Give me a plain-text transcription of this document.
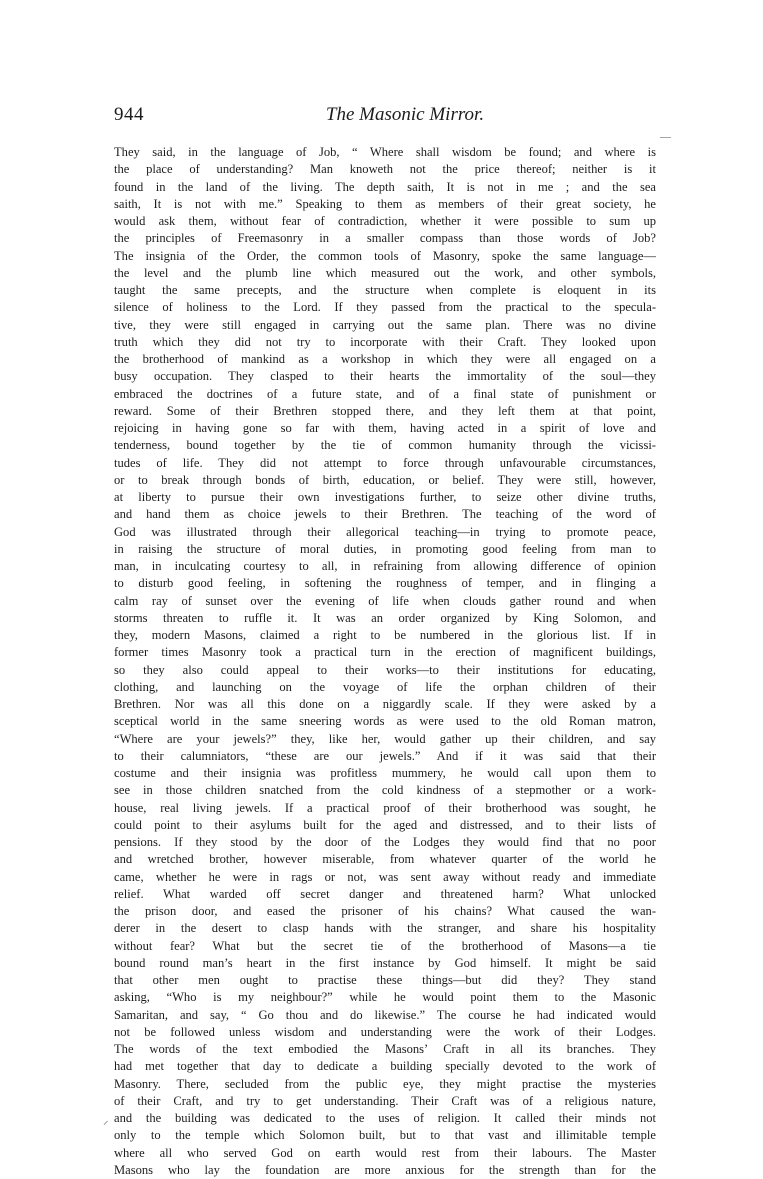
944	The Masonic Mirror.
They said, in the language of Job, “ Where shall wisdom be found; and where is
the place of understanding? Man knoweth not the price thereof; neither is it
found in the land of the living. The depth saith, It is not in me ; and the sea
saith, It is not with me.” Speaking to them as members of their great society, he
would ask them, without fear of contradiction, whether it were possible to sum up
the principles of Freemasonry in a smaller compass than those words of Job?
The insignia of the Order, the common tools of Masonry, spoke the same language—
the level and the plumb line which measured out the work, and other symbols,
taught the same precepts, and the structure when complete is eloquent in its
silence of holiness to the Lord. If they passed from the practical to the specula-
tive, they were still engaged in carrying out the same plan. There was no divine
truth which they did not try to incorporate with their Craft. They looked upon
the brotherhood of mankind as a workshop in which they were all engaged on a
busy occupation. They clasped to their hearts the immortality of the soul—they
embraced the doctrines of a future state, and of a final state of punishment or
reward. Some of their Brethren stopped there, and they left them at that point,
rejoicing in having gone so far with them, having acted in a spirit of love and
tenderness, bound together by the tie of common humanity through the vicissi-
tudes of life. They did not attempt to force through unfavourable circumstances,
or to break through bonds of birth, education, or belief. They were still, however,
at liberty to pursue their own investigations further, to seize other divine truths,
and hand them as choice jewels to their Brethren. The teaching of the word of
God was illustrated through their allegorical teaching—in trying to promote peace,
in raising the structure of moral duties, in promoting good feeling from man to
man, in inculcating courtesy to all, in refraining from allowing difference of opinion
to disturb good feeling, in softening the roughness of temper, and in flinging a
calm ray of sunset over the evening of life when clouds gather round and when
storms threaten to ruffle it. It was an order organized by King Solomon, and
they, modern Masons, claimed a right to be numbered in the glorious list. If in
former times Masonry took a practical turn in the erection of magnificent buildings,
so they also could appeal to their works—to their institutions for educating,
clothing, and launching on the voyage of life the orphan children of their
Brethren. Nor was all this done on a niggardly scale. If they were asked by a
sceptical world in the same sneering words as were used to the old Roman matron,
“Where are your jewels?” they, like her, would gather up their children, and say
to their calumniators, “these are our jewels.” And if it was said that their
costume and their insignia was profitless mummery, he would call upon them to
see in those children snatched from the cold kindness of a stepmother or a work-
house, real living jewels. If a practical proof of their brotherhood was sought, he
could point to their asylums built for the aged and distressed, and to their lists of
pensions. If they stood by the door of the Lodges they would find that no poor
and wretched brother, however miserable, from whatever quarter of the world he
came, whether he were in rags or not, was sent away without ready and immediate
relief. What warded off secret danger and threatened harm? What unlocked
the prison door, and eased the prisoner of his chains? What caused the wan-
derer in the desert to clasp hands with the stranger, and share his hospitality
without fear? What but the secret tie of the brotherhood of Masons—a tie
bound round man’s heart in the first instance by God himself. It might be said
that other men ought to practise these things—but did they? They stand
asking, “Who is my neighbour?” while he would point them to the Masonic
Samaritan, and say, “ Go thou and do likewise.” The course he had indicated would
not be followed unless wisdom and understanding were the work of their Lodges.
The words of the text embodied the Masons’ Craft in all its branches. They
had met together that day to dedicate a building specially devoted to the work of
Masonry. There, secluded from the public eye, they might practise the mysteries
of their Craft, and try to get understanding. Their Craft was of a religious nature,
and the building was dedicated to the uses of religion. It called their minds not
only to the temple which Solomon built, but to that vast and illimitable temple
where all who served God on earth would rest from their labours. The Master
Masons who lay the foundation are more anxious for the strength than for the
‒‒
⸝
